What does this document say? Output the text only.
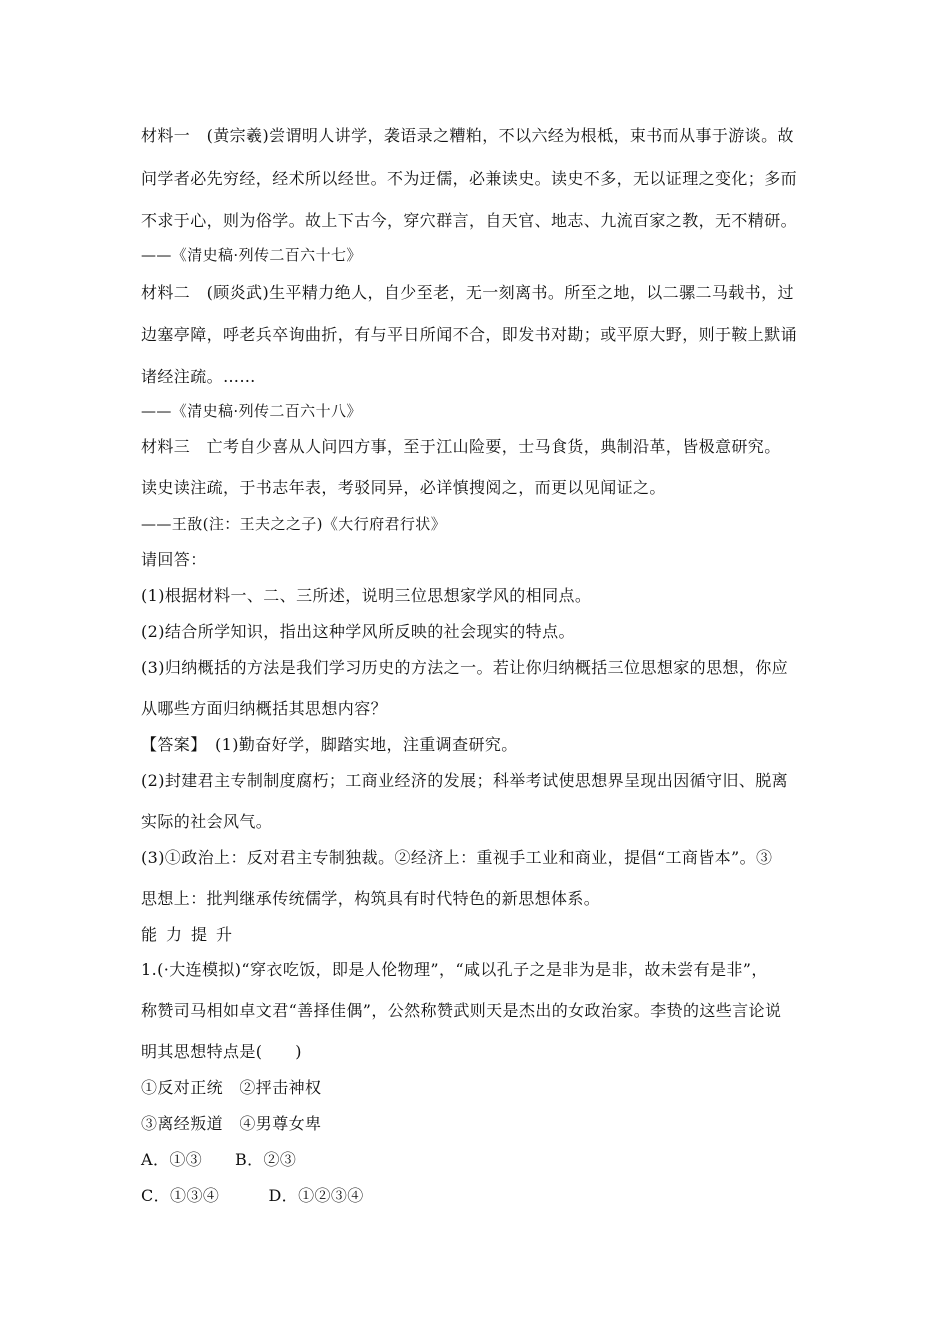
材料一　(黄宗羲)尝谓明人讲学，袭语录之糟粕，不以六经为根柢，束书而从事于游谈。故
问学者必先穷经，经术所以经世。不为迂儒，必兼读史。读史不多，无以证理之变化；多而
不求于心，则为俗学。故上下古今，穿穴群言，自天官、地志、九流百家之教，无不精研。
——《清史稿·列传二百六十七》
材料二　(顾炎武)生平精力绝人，自少至老，无一刻离书。所至之地，以二骡二马载书，过
边塞亭障，呼老兵卒询曲折，有与平日所闻不合，即发书对勘；或平原大野，则于鞍上默诵
诸经注疏。……
——《清史稿·列传二百六十八》
材料三　亡考自少喜从人问四方事，至于江山险要，士马食货，典制沿革，皆极意研究。
读史读注疏，于书志年表，考驳同异，必详慎搜阅之，而更以见闻证之。
——王敔(注：王夫之之子)《大行府君行状》
请回答：
(1)根据材料一、二、三所述，说明三位思想家学风的相同点。
(2)结合所学知识，指出这种学风所反映的社会现实的特点。
(3)归纳概括的方法是我们学习历史的方法之一。若让你归纳概括三位思想家的思想，你应
从哪些方面归纳概括其思想内容？
【答案】　(1)勤奋好学，脚踏实地，注重调查研究。
(2)封建君主专制制度腐朽；工商业经济的发展；科举考试使思想界呈现出因循守旧、脱离
实际的社会风气。
(3)①政治上：反对君主专制独裁。②经济上：重视手工业和商业，提倡“工商皆本”。③
思想上：批判继承传统儒学，构筑具有时代特色的新思想体系。
能力提升
1.(·大连模拟)“穿衣吃饭，即是人伦物理”，“咸以孔子之是非为是非，故未尝有是非”，
称赞司马相如卓文君“善择佳偶”，公然称赞武则天是杰出的女政治家。李贽的这些言论说
明其思想特点是(　　)
①反对正统　②抨击神权
③离经叛道　④男尊女卑
A．①③　　B．②③
C．①③④　　　D．①②③④
